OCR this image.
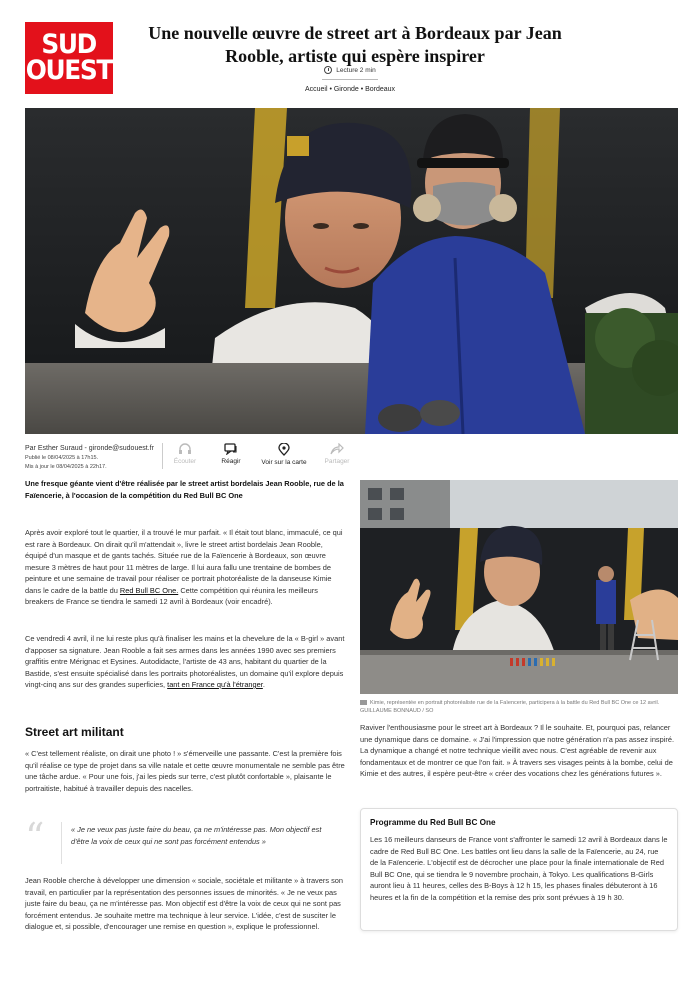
SUD
OUEST
Une nouvelle œuvre de street art à Bordeaux par Jean Rooble, artiste qui espère inspirer
Lecture 2 min
Accueil • Gironde • Bordeaux
Par Esther Suraud - gironde@sudouest.fr
Publié le 08/04/2025 à 17h15.
Mis à jour le 08/04/2025 à 22h17.
Écouter	Réagir	Voir sur la carte	Partager

Une fresque géante vient d'être réalisée par le street artist bordelais Jean Rooble, rue de la Faïencerie, à l'occasion de la compétition du Red Bull BC One

Après avoir exploré tout le quartier, il a trouvé le mur parfait. « Il était tout blanc, immaculé, ce qui est rare à Bordeaux. On dirait qu'il m'attendait », livre le street artist bordelais Jean Rooble, équipé d'un masque et de gants tachés. Située rue de la Faïencerie à Bordeaux, son œuvre mesure 3 mètres de haut pour 11 mètres de large. Il lui aura fallu une trentaine de bombes de peinture et une semaine de travail pour réaliser ce portrait photoréaliste de la danseuse Kimie dans le cadre de la battle du Red Bull BC One. Cette compétition qui réunira les meilleurs breakers de France se tiendra le samedi 12 avril à Bordeaux (voir encadré).

Ce vendredi 4 avril, il ne lui reste plus qu'à finaliser les mains et la chevelure de la « B-girl » avant d'apposer sa signature. Jean Rooble a fait ses armes dans les années 1990 avec ses premiers graffitis entre Mérignac et Eysines. Autodidacte, l'artiste de 43 ans, habitant du quartier de la Bastide, s'est ensuite spécialisé dans les portraits photoréalistes, un domaine qu'il explore depuis vingt-cinq ans sur des grandes superficies, tant en France qu'à l'étranger.

Street art militant

« C'est tellement réaliste, on dirait une photo ! » s'émerveille une passante. C'est la première fois qu'il réalise ce type de projet dans sa ville natale et cette œuvre monumentale ne semble pas être une tâche ardue. « Pour une fois, j'ai les pieds sur terre, c'est plutôt confortable », plaisante le portraitiste, habitué à travailler depuis des nacelles.

“	« Je ne veux pas juste faire du beau, ça ne m'intéresse pas. Mon objectif est d'être la voix de ceux qui ne sont pas forcément entendus »

Jean Rooble cherche à développer une dimension « sociale, sociétale et militante » à travers son travail, en particulier par la représentation des personnes issues de minorités. « Je ne veux pas juste faire du beau, ça ne m'intéresse pas. Mon objectif est d'être la voix de ceux qui ne sont pas forcément entendus. Je souhaite mettre ma technique à leur service. L'idée, c'est de susciter le dialogue et, si possible, d'encourager une remise en question », explique le professionnel.

Kimie, représentée en portrait photoréaliste rue de la Faïencerie, participera à la battle du Red Bull BC One ce 12 avril. GUILLAUME BONNAUD / SO

Raviver l'enthousiasme pour le street art à Bordeaux ? Il le souhaite. Et, pourquoi pas, relancer une dynamique dans ce domaine. « J'ai l'impression que notre génération n'a pas assez inspiré. La dynamique a changé et notre technique vieillit avec nous. C'est agréable de revenir aux fondamentaux et de montrer ce que l'on fait. » À travers ses visages peints à la bombe, celui de Kimie et des autres, il espère peut-être « créer des vocations chez les générations futures ».

Programme du Red Bull BC One

Les 16 meilleurs danseurs de France vont s'affronter le samedi 12 avril à Bordeaux dans le cadre de Red Bull BC One. Les battles ont lieu dans la salle de la Faïencerie, au 24, rue de la Faïencerie. L'objectif est de décrocher une place pour la finale internationale de Red Bull BC One, qui se tiendra le 9 novembre prochain, à Tokyo. Les qualifications B-Girls auront lieu à 11 heures, celles des B-Boys à 12 h 15, les phases finales débuteront à 16 heures et la fin de la compétition et la remise des prix sont prévues à 19 h 30.
